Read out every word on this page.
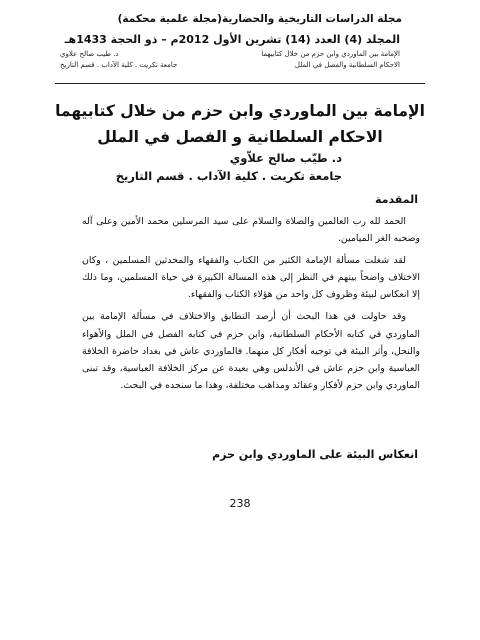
مجلة الدراسات التاريخية والحضارية(مجلة علمية محكمة)
المجلد (4) العدد (14) تشرين الأول 2012م – ذو الحجة 1433هـ
الإمامة بين الماوردي وابن حزم من خلال كتابيهما
د. طيب صالح علاوي
الاحكام السلطانية والفصل في الملل
جامعة تكريت . كلية الآداب . قسم التاريخ
الإمامة بين الماوردي وابن حزم من خلال كتابيهما
الاحكام السلطانية و الفصل في الملل
د. طيّب صالح علاّوي
جامعة تكريت . كلية الآداب . قسم التاريخ
المقدمة

الحمد لله رب العالمين والصلاة والسلام على سيد المرسلين محمد الأمين وعلى آله وصحبه الغر الميامين.

لقد شغلت مسألة الإمامة الكثير من الكتاب والفقهاء والمحدثين المسلمين ، وكان الاختلاف واضحاً بينهم في النظر إلى هذه المسالة الكبيرة في حياة المسلمين، وما ذلك إلا انعكاس لبيئة وظروف كل واحد من هؤلاء الكتاب والفقهاء.

وقد حاولت في هذا البحث أن أرصد التطابق والاختلاف في مسألة الإمامة بين الماوردي في كتابه الأحكام السلطانية، وابن حزم في كتابه الفصل في الملل والأهواء والنحل، وأثر البيئة في توجيه أفكار كل منهما. فالماوردي عاش في بغداد حاضرة الخلافة العباسية وابن حزم عاش في الأندلس وهي بعيدة عن مركز الخلافة العباسية، وقد تبنى الماوردي وابن حزم لأفكار وعقائد ومذاهب مختلفة، وهذا ما سنجده في البحث.

انعكاس البيئة على الماوردي وابن حزم
238
